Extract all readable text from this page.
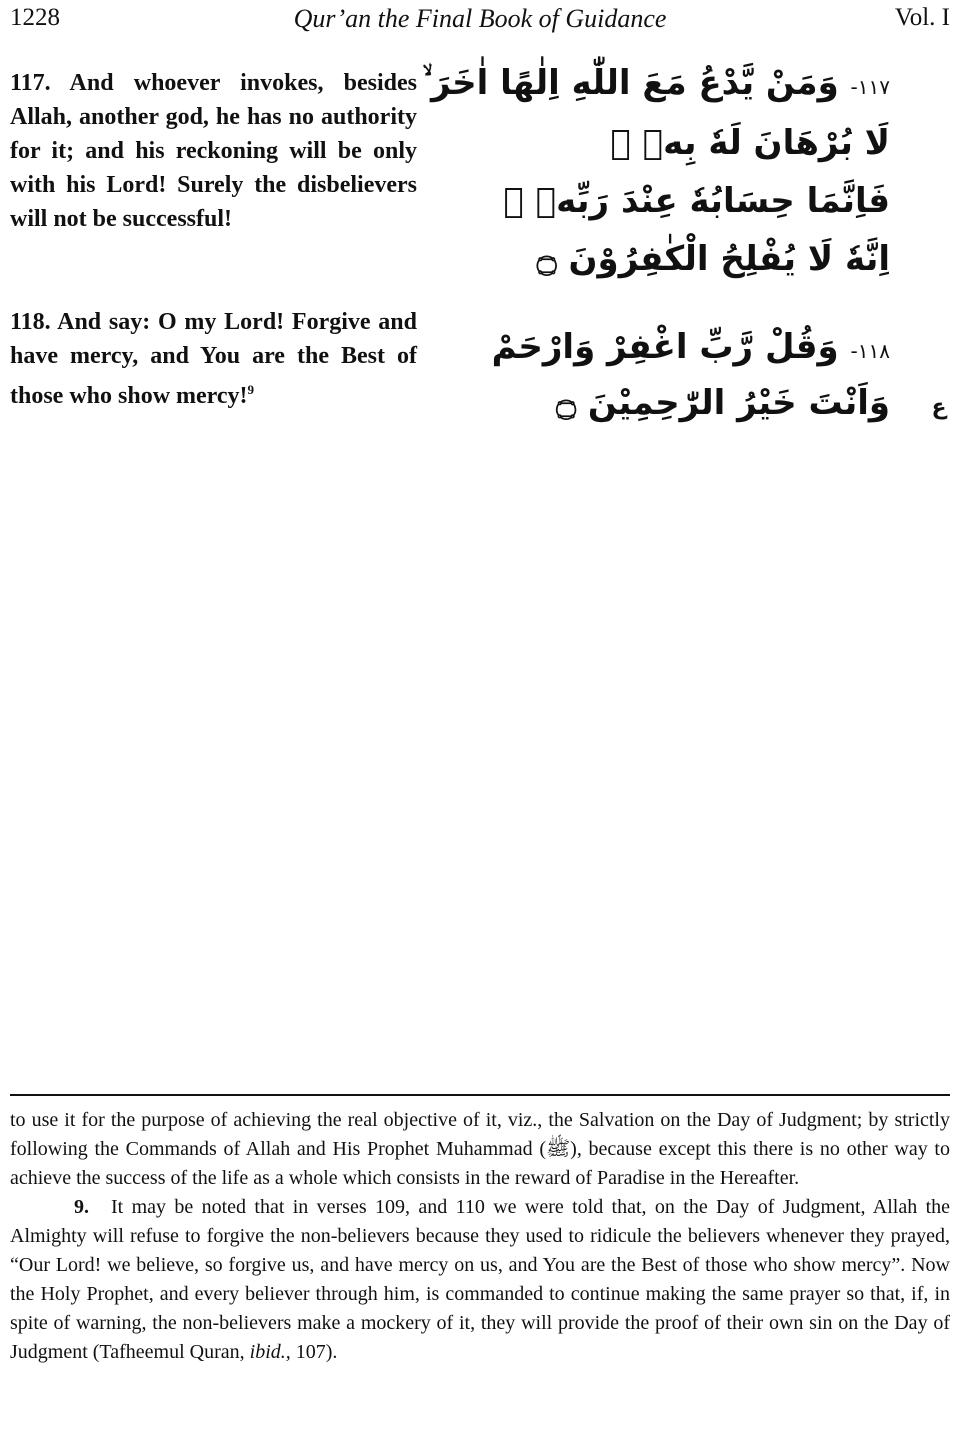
1228	Qur’an the Final Book of Guidance	Vol. I
117. And whoever invokes, besides Allah, another god, he has no authority for it; and his reckoning will be only with his Lord! Surely the disbelievers will not be successful!
118. And say: O my Lord! Forgive and have mercy, and You are the Best of those who show mercy!$^9$
۱۱۷- وَمَنْ يَّدْعُ مَعَ اللّٰهِ اِلٰهًا اٰخَرَ ۙ
لَا بُرْهَانَ لَهٗ بِهٖ ۙ
فَاِنَّمَا حِسَابُهٗ عِنْدَ رَبِّهٖ ۭ
اِنَّهٗ لَا يُفْلِحُ الْكٰفِرُوْنَ ۝
۱۱۸- وَقُلْ رَّبِّ اغْفِرْ وَارْحَمْ
وَاَنْتَ خَيْرُ الرّٰحِمِيْنَ ۝ ع

to use it for the purpose of achieving the real objective of it, viz., the Salvation on the Day of Judgment; by strictly following the Commands of Allah and His Prophet Muhammad (ﷺ), because except this there is no other way to achieve the success of the life as a whole which consists in the reward of Paradise in the Hereafter.

9. It may be noted that in verses 109, and 110 we were told that, on the Day of Judgment, Allah the Almighty will refuse to forgive the non-believers because they used to ridicule the believers whenever they prayed, “Our Lord! we believe, so forgive us, and have mercy on us, and You are the Best of those who show mercy”. Now the Holy Prophet, and every believer through him, is commanded to continue making the same prayer so that, if, in spite of warning, the non-believers make a mockery of it, they will provide the proof of their own sin on the Day of Judgment (Tafheemul Quran, ibid., 107).
